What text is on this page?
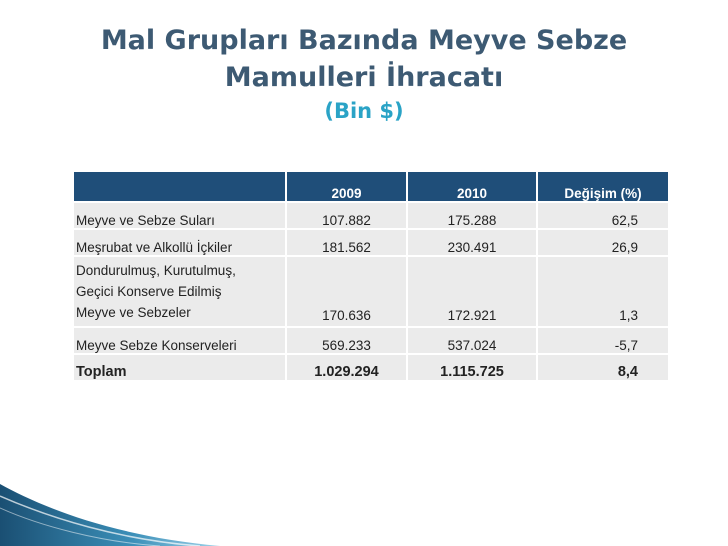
Mal Grupları Bazında Meyve Sebze
Mamulleri İhracatı
(Bin $)
	2009	2010	Değişim (%)
Meyve ve Sebze Suları	107.882	175.288	62,5
Meşrubat ve Alkollü İçkiler	181.562	230.491	26,9

Dondurulmuş, Kurutulmuş,
Geçici Konserve Edilmiş
Meyve ve Sebzeler	170.636	172.921	1,3
Meyve Sebze Konserveleri	569.233	537.024	-5,7
Toplam	1.029.294	1.115.725	8,4
